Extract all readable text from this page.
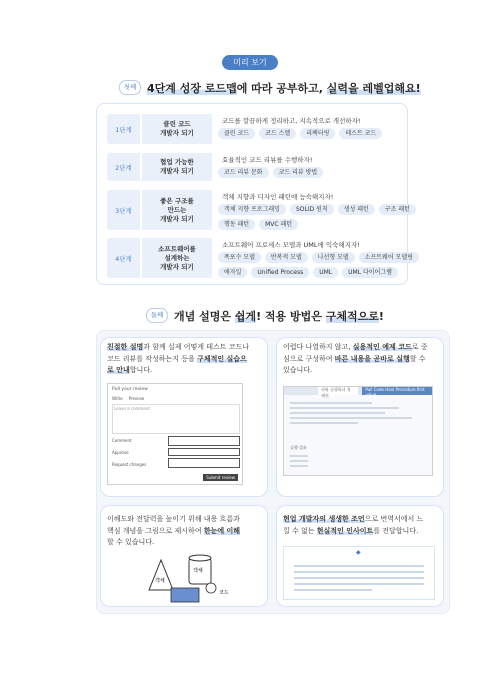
미리 보기
첫째 4단계 성장 로드맵에 따라 공부하고, 실력을 레벨업해요!
1단계
클린 코드
개발자 되기
코드를 깔끔하게 정리하고, 지속적으로 개선하자!
클린 코드	코드 스멜	리팩터링	테스트 코드
2단계
협업 가능한
개발자 되기
효율적인 코드 리뷰를 수행하자!
코드 리뷰 문화	코드 리뷰 방법
3단계
좋은 구조를
만드는
개발자 되기
객체 지향과 디자인 패턴에 능숙해지자!
객체 지향 프로그래밍	SOLID 원칙	생성 패턴	구조 패턴
행동 패턴	MVC 패턴
4단계
소프트웨어를
설계하는
개발자 되기
소프트웨어 프로세스 모델과 UML에 익숙해지자!
폭포수 모델	반복적 모델	나선형 모델	소프트웨어 모델링
애자일	Unified Process	UML	UML 다이어그램
둘째 개념 설명은 쉽게! 적용 방법은 구체적으로!
친절한 설명과 함께 실제 어떻게 테스트 코드나
코드 리뷰를 작성하는지 등을 구체적인 실습으
로 안내합니다.
Pull your review
Write Preview
Leave a comment
Comment
Approve
Request changes
Submit review
어렵다 나열하지 않고, 실용적인 예제 코드로 중
심으로 구성하여 바른 내용을 곧바로 실행할 수
있습니다.
리뷰 실행하다 첫 세션
Pull Code Heal Procedure first value
실행 결과
이해도와 전달력을 높이기 위해 내용 흐름과
핵심 개념을 그림으로 제시하여 한눈에 이해
할 수 있습니다.
객체
객체
코드
현업 개발자의 생생한 조언으로 번역서에서 느
낄 수 없는 현실적인 인사이트를 전달합니다.
◆
